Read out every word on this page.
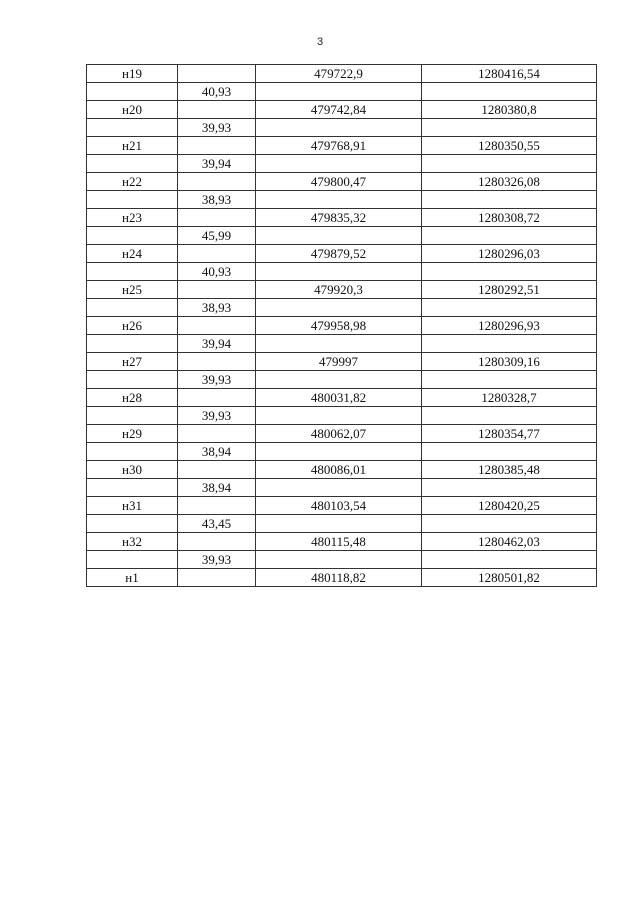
3
н19		479722,9	1280416,54
	40,93		
н20		479742,84	1280380,8
	39,93		
н21		479768,91	1280350,55
	39,94		
н22		479800,47	1280326,08
	38,93		
н23		479835,32	1280308,72
	45,99		
н24		479879,52	1280296,03
	40,93		
н25		479920,3	1280292,51
	38,93		
н26		479958,98	1280296,93
	39,94		
н27		479997	1280309,16
	39,93		
н28		480031,82	1280328,7
	39,93		
н29		480062,07	1280354,77
	38,94		
н30		480086,01	1280385,48
	38,94		
н31		480103,54	1280420,25
	43,45		
н32		480115,48	1280462,03
	39,93		
н1		480118,82	1280501,82
